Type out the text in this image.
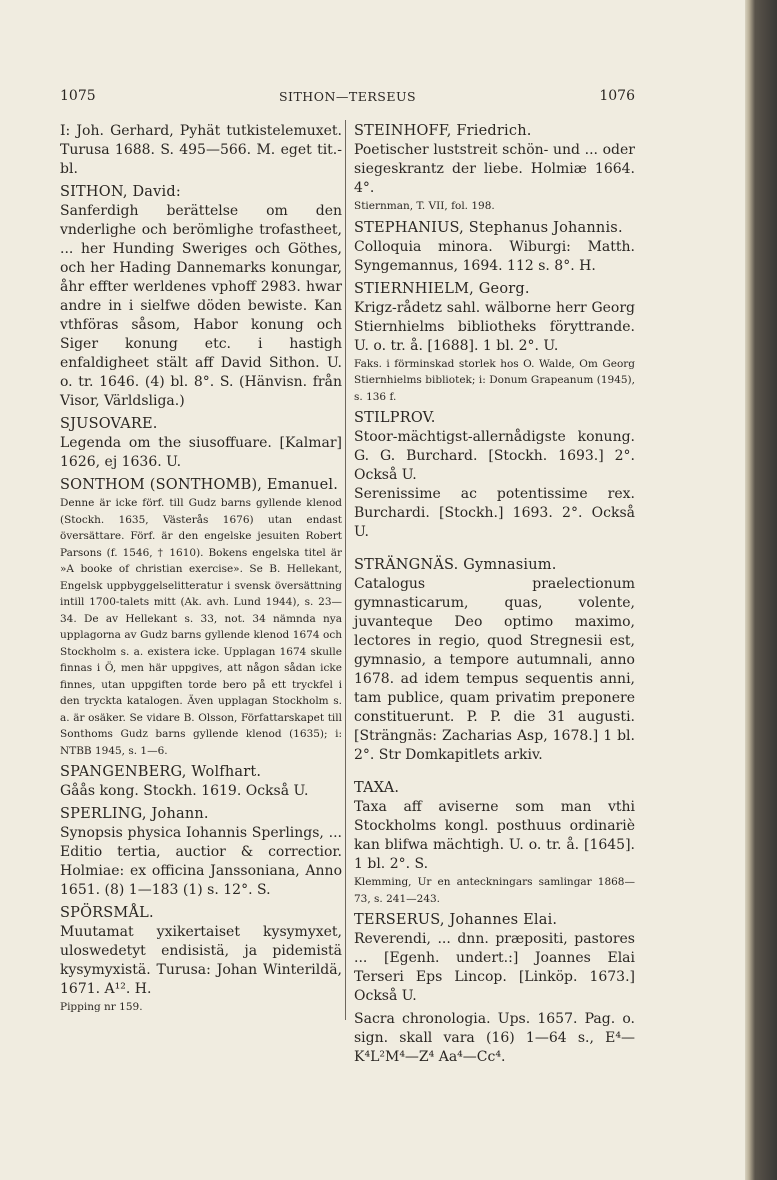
1075	SITHON—TERSEUS	1076

I: Joh. Gerhard, Pyhät tutkistelemuxet. Turusa 1688. S. 495—566. M. eget tit.-bl.

SITHON, David:

Sanferdigh berättelse om den vnderlighe och berömlighe trofastheet, ... her Hunding Sweriges och Göthes, och her Hading Dannemarks konungar, åhr effter werldenes vphoff 2983. hwar andre in i sielfwe döden bewiste. Kan vthföras såsom, Habor konung och Siger konung etc. i hastigh enfaldigheet stält aff David Sithon. U. o. tr. 1646. (4) bl. 8°. S. (Hänvisn. från Visor, Världsliga.)

SJUSOVARE.

Legenda om the siusoffuare. [Kalmar] 1626, ej 1636. U.

SONTHOM (SONTHOMB), Emanuel.

Denne är icke förf. till Gudz barns gyllende klenod (Stockh. 1635, Västerås 1676) utan endast översättare. Förf. är den engelske jesuiten Robert Parsons (f. 1546, † 1610). Bokens engelska titel är »A booke of christian exercise». Se B. Hellekant, Engelsk uppbyggelselitteratur i svensk översättning intill 1700-talets mitt (Ak. avh. Lund 1944), s. 23—34. De av Hellekant s. 33, not. 34 nämnda nya upplagorna av Gudz barns gyllende klenod 1674 och Stockholm s. a. existera icke. Upplagan 1674 skulle finnas i Ö, men här uppgives, att någon sådan icke finnes, utan uppgiften torde bero på ett tryckfel i den tryckta katalogen. Även upplagan Stockholm s. a. är osäker. Se vidare B. Olsson, Författarskapet till Sonthoms Gudz barns gyllende klenod (1635); i: NTBB 1945, s. 1—6.

SPANGENBERG, Wolfhart.

Gåås kong. Stockh. 1619. Också U.

SPERLING, Johann.

Synopsis physica Iohannis Sperlings, ... Editio tertia, auctior & correctior. Holmiae: ex officina Janssoniana, Anno 1651. (8) 1—183 (1) s. 12°. S.

SPÖRSMÅL.

Muutamat yxikertaiset kysymyxet, uloswedetyt endisistä, ja pidemistä kysymyxistä. Turusa: Johan Winterildä, 1671. A¹². H.

Pipping nr 159.

STEINHOFF, Friedrich.

Poetischer luststreit schön- und ... oder siegeskrantz der liebe. Holmiæ 1664. 4°.

Stiernman, T. VII, fol. 198.

STEPHANIUS, Stephanus Johannis.

Colloquia minora. Wiburgi: Matth. Syngemannus, 1694. 112 s. 8°. H.

STIERNHIELM, Georg.

Krigz-rådetz sahl. wälborne herr Georg Stiernhielms bibliotheks föryttrande. U. o. tr. å. [1688]. 1 bl. 2°. U.

Faks. i förminskad storlek hos O. Walde, Om Georg Stiernhielms bibliotek; i: Donum Grapeanum (1945), s. 136 f.

STILPROV.

Stoor-mächtigst-allernådigste konung. G. G. Burchard. [Stockh. 1693.] 2°. Också U.

Serenissime ac potentissime rex. Burchardi. [Stockh.] 1693. 2°. Också U.

STRÄNGNÄS. Gymnasium.

Catalogus praelectionum gymnasticarum, quas, volente, juvanteque Deo optimo maximo, lectores in regio, quod Stregnesii est, gymnasio, a tempore autumnali, anno 1678. ad idem tempus sequentis anni, tam publice, quam privatim preponere constituerunt. P. P. die 31 augusti. [Strängnäs: Zacharias Asp, 1678.] 1 bl. 2°. Str Domkapitlets arkiv.

TAXA.

Taxa aff aviserne som man vthi Stockholms kongl. posthuus ordinariè kan blifwa mächtigh. U. o. tr. å. [1645]. 1 bl. 2°. S.

Klemming, Ur en anteckningars samlingar 1868—73, s. 241—243.

TERSERUS, Johannes Elai.

Reverendi, ... dnn. præpositi, pastores ... [Egenh. undert.:] Joannes Elai Terseri Eps Lincop. [Linköp. 1673.] Också U.

Sacra chronologia. Ups. 1657. Pag. o. sign. skall vara (16) 1—64 s., E⁴—K⁴L²M⁴—Z⁴ Aa⁴—Cc⁴.
